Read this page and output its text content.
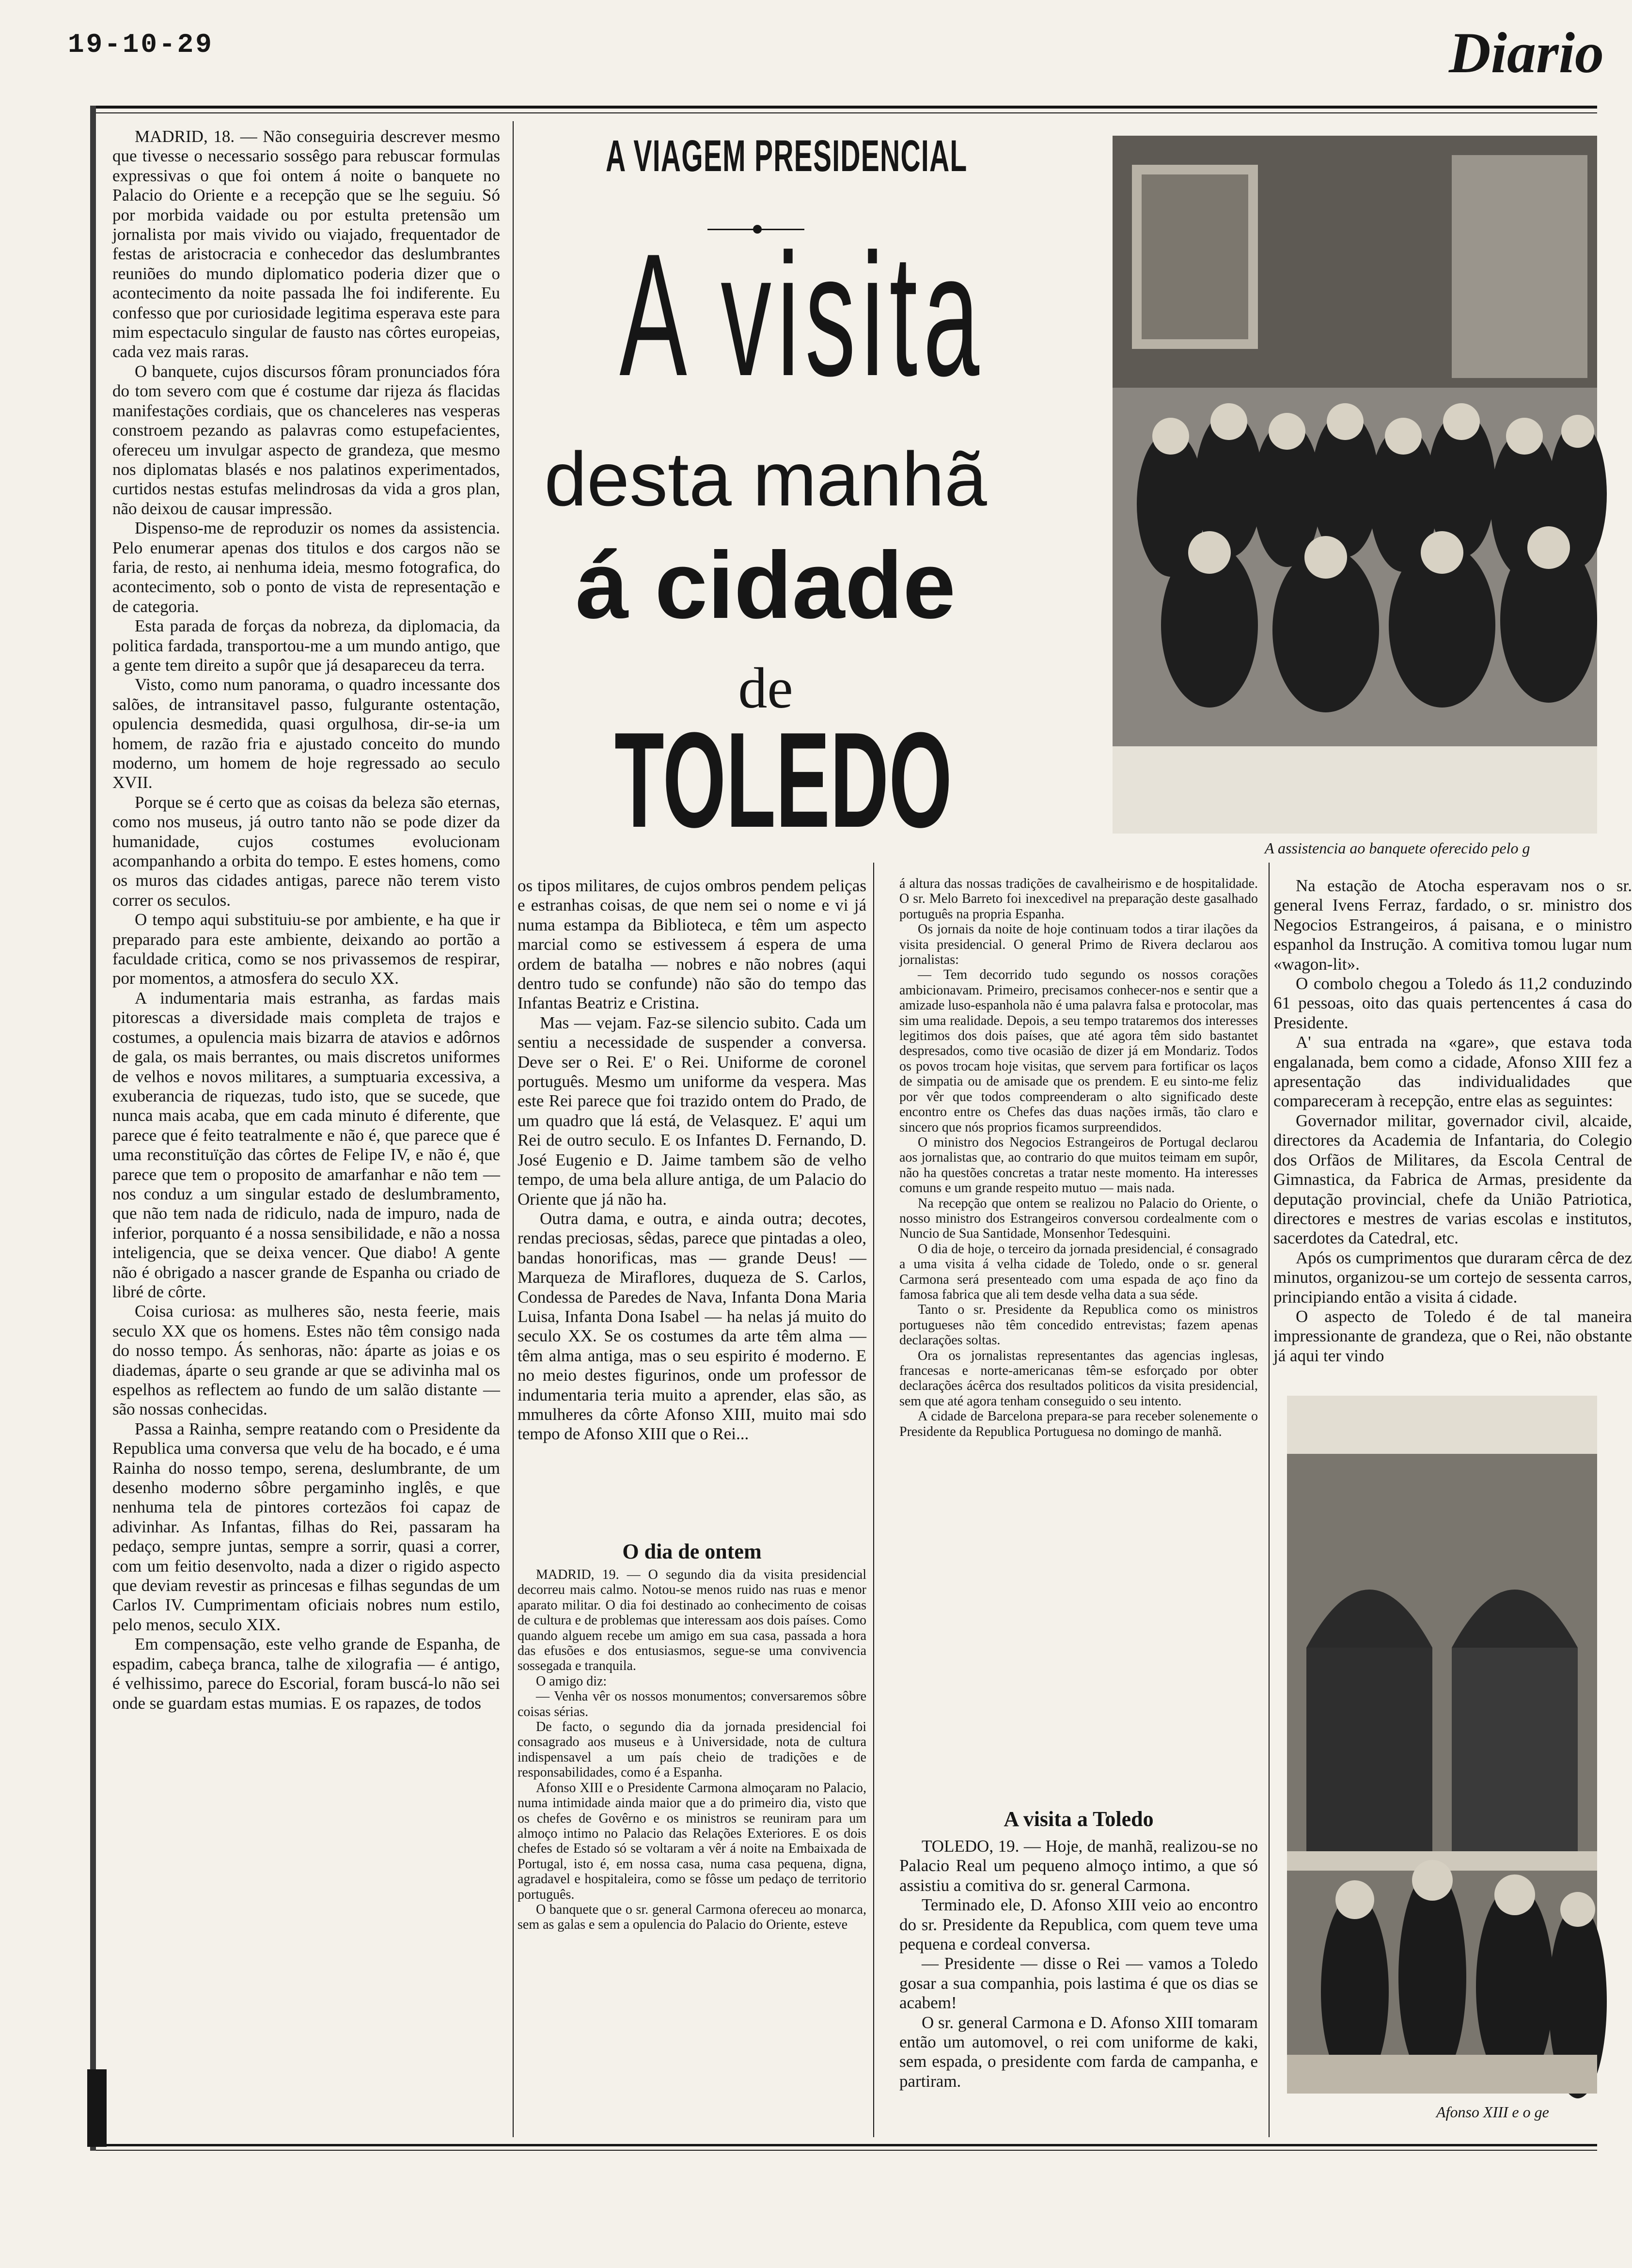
19-10-29	Diario

MADRID, 18. — Não conseguiria descrever mesmo que tivesse o necessario sossêgo para rebuscar formulas expressivas o que foi ontem á noite o banquete no Palacio do Oriente e a recepção que se lhe seguiu. Só por morbida vaidade ou por estulta pretensão um jornalista por mais vivido ou viajado, frequentador de festas de aristocracia e conhecedor das deslumbrantes reuniões do mundo diplomatico poderia dizer que o acontecimento da noite passada lhe foi indiferente. Eu confesso que por curiosidade legitima esperava este para mim espectaculo singular de fausto nas côrtes europeias, cada vez mais raras.

O banquete, cujos discursos fôram pronunciados fóra do tom severo com que é costume dar rijeza ás flacidas manifestações cordiais, que os chanceleres nas vesperas constroem pezando as palavras como estupefacientes, ofereceu um invulgar aspecto de grandeza, que mesmo nos diplomatas blasés e nos palatinos experimentados, curtidos nestas estufas melindrosas da vida a gros plan, não deixou de causar impressão.

Dispenso-me de reproduzir os nomes da assistencia. Pelo enumerar apenas dos titulos e dos cargos não se faria, de resto, ai nenhuma ideia, mesmo fotografica, do acontecimento, sob o ponto de vista de representação e de categoria.

Esta parada de forças da nobreza, da diplomacia, da politica fardada, transportou-me a um mundo antigo, que a gente tem direito a supôr que já desapareceu da terra.

Visto, como num panorama, o quadro incessante dos salões, de intransitavel passo, fulgurante ostentação, opulencia desmedida, quasi orgulhosa, dir-se-ia um homem, de razão fria e ajustado conceito do mundo moderno, um homem de hoje regressado ao seculo XVII.

Porque se é certo que as coisas da beleza são eternas, como nos museus, já outro tanto não se pode dizer da humanidade, cujos costumes evolucionam acompanhando a orbita do tempo. E estes homens, como os muros das cidades antigas, parece não terem visto correr os seculos.

O tempo aqui substituiu-se por ambiente, e ha que ir preparado para este ambiente, deixando ao portão a faculdade critica, como se nos privassemos de respirar, por momentos, a atmosfera do seculo XX.

A indumentaria mais estranha, as fardas mais pitorescas a diversidade mais completa de trajos e costumes, a opulencia mais bizarra de atavios e adôrnos de gala, os mais berrantes, ou mais discretos uniformes de velhos e novos militares, a sumptuaria excessiva, a exuberancia de riquezas, tudo isto, que se sucede, que nunca mais acaba, que em cada minuto é diferente, que parece que é feito teatralmente e não é, que parece que é uma reconstituïção das côrtes de Felipe IV, e não é, que parece que tem o proposito de amarfanhar e não tem — nos conduz a um singular estado de deslumbramento, que não tem nada de ridiculo, nada de impuro, nada de inferior, porquanto é a nossa sensibilidade, e não a nossa inteligencia, que se deixa vencer. Que diabo! A gente não é obrigado a nascer grande de Espanha ou criado de libré de côrte.

Coisa curiosa: as mulheres são, nesta feerie, mais seculo XX que os homens. Estes não têm consigo nada do nosso tempo. Ás senhoras, não: áparte as joias e os diademas, áparte o seu grande ar que se adivinha mal os espelhos as reflectem ao fundo de um salão distante — são nossas conhecidas.

Passa a Rainha, sempre reatando com o Presidente da Republica uma conversa que velu de ha bocado, e é uma Rainha do nosso tempo, serena, deslumbrante, de um desenho moderno sôbre pergaminho inglês, e que nenhuma tela de pintores cortezãos foi capaz de adivinhar. As Infantas, filhas do Rei, passaram ha pedaço, sempre juntas, sempre a sorrir, quasi a correr, com um feitio desenvolto, nada a dizer o rigido aspecto que deviam revestir as princesas e filhas segundas de um Carlos IV. Cumprimentam oficiais nobres num estilo, pelo menos, seculo XIX.

Em compensação, este velho grande de Espanha, de espadim, cabeça branca, talhe de xilografia — é antigo, é velhissimo, parece do Escorial, foram buscá-lo não sei onde se guardam estas mumias. E os rapazes, de todos

A VIAGEM PRESIDENCIAL
A visita
desta manhã
á cidade
de
TOLEDO	A assistencia ao banquete oferecido pelo g

os tipos militares, de cujos ombros pendem peliças e estranhas coisas, de que nem sei o nome e vi já numa estampa da Biblioteca, e têm um aspecto marcial como se estivessem á espera de uma ordem de batalha — nobres e não nobres (aqui dentro tudo se confunde) não são do tempo das Infantas Beatriz e Cristina.

Mas — vejam. Faz-se silencio subito. Cada um sentiu a necessidade de suspender a conversa. Deve ser o Rei. E' o Rei. Uniforme de coronel português. Mesmo um uniforme da vespera. Mas este Rei parece que foi trazido ontem do Prado, de um quadro que lá está, de Velasquez. E' aqui um Rei de outro seculo. E os Infantes D. Fernando, D. José Eugenio e D. Jaime tambem são de velho tempo, de uma bela allure antiga, de um Palacio do Oriente que já não ha.

Outra dama, e outra, e ainda outra; decotes, rendas preciosas, sêdas, parece que pintadas a oleo, bandas honorificas, mas — grande Deus! — Marqueza de Miraflores, duqueza de S. Carlos, Condessa de Paredes de Nava, Infanta Dona Maria Luisa, Infanta Dona Isabel — ha nelas já muito do seculo XX. Se os costumes da arte têm alma — têm alma antiga, mas o seu espirito é moderno. E no meio destes figurinos, onde um professor de indumentaria teria muito a aprender, elas são, as mmulheres da côrte Afonso XIII, muito mai sdo tempo de Afonso XIII que o Rei...

O dia de ontem

MADRID, 19. — O segundo dia da visita presidencial decorreu mais calmo. Notou-se menos ruido nas ruas e menor aparato militar. O dia foi destinado ao conhecimento de coisas de cultura e de problemas que interessam aos dois países. Como quando alguem recebe um amigo em sua casa, passada a hora das efusões e dos entusiasmos, segue-se uma convivencia sossegada e tranquila.

O amigo diz:

— Venha vêr os nossos monumentos; conversaremos sôbre coisas sérias.

De facto, o segundo dia da jornada presidencial foi consagrado aos museus e à Universidade, nota de cultura indispensavel a um país cheio de tradições e de responsabilidades, como é a Espanha.

Afonso XIII e o Presidente Carmona almoçaram no Palacio, numa intimidade ainda maior que a do primeiro dia, visto que os chefes de Govêrno e os ministros se reuniram para um almoço intimo no Palacio das Relações Exteriores. E os dois chefes de Estado só se voltaram a vêr á noite na Embaixada de Portugal, isto é, em nossa casa, numa casa pequena, digna, agradavel e hospitaleira, como se fôsse um pedaço de territorio português.

O banquete que o sr. general Carmona ofereceu ao monarca, sem as galas e sem a opulencia do Palacio do Oriente, esteve

á altura das nossas tradições de cavalheirismo e de hospitalidade. O sr. Melo Barreto foi inexcedivel na preparação deste gasalhado português na propria Espanha.

Os jornais da noite de hoje continuam todos a tirar ilações da visita presidencial. O general Primo de Rivera declarou aos jornalistas:

— Tem decorrido tudo segundo os nossos corações ambicionavam. Primeiro, precisamos conhecer-nos e sentir que a amizade luso-espanhola não é uma palavra falsa e protocolar, mas sim uma realidade. Depois, a seu tempo trataremos dos interesses legitimos dos dois países, que até agora têm sido bastantet despresados, como tive ocasião de dizer já em Mondariz. Todos os povos trocam hoje visitas, que servem para fortificar os laços de simpatia ou de amisade que os prendem. E eu sinto-me feliz por vêr que todos compreenderam o alto significado deste encontro entre os Chefes das duas nações irmãs, tão claro e sincero que nós proprios ficamos surpreendidos.

O ministro dos Negocios Estrangeiros de Portugal declarou aos jornalistas que, ao contrario do que muitos teimam em supôr, não ha questões concretas a tratar neste momento. Ha interesses comuns e um grande respeito mutuo — mais nada.

Na recepção que ontem se realizou no Palacio do Oriente, o nosso ministro dos Estrangeiros conversou cordealmente com o Nuncio de Sua Santidade, Monsenhor Tedesquini.

O dia de hoje, o terceiro da jornada presidencial, é consagrado a uma visita á velha cidade de Toledo, onde o sr. general Carmona será presenteado com uma espada de aço fino da famosa fabrica que ali tem desde velha data a sua séde.

Tanto o sr. Presidente da Republica como os ministros portugueses não têm concedido entrevistas; fazem apenas declarações soltas.

Ora os jornalistas representantes das agencias inglesas, francesas e norte-americanas têm-se esforçado por obter declarações ácêrca dos resultados politicos da visita presidencial, sem que até agora tenham conseguido o seu intento.

A cidade de Barcelona prepara-se para receber solenemente o Presidente da Republica Portuguesa no domingo de manhã.

A visita a Toledo

TOLEDO, 19. — Hoje, de manhã, realizou-se no Palacio Real um pequeno almoço intimo, a que só assistiu a comitiva do sr. general Carmona.

Terminado ele, D. Afonso XIII veio ao encontro do sr. Presidente da Republica, com quem teve uma pequena e cordeal conversa.

— Presidente — disse o Rei — vamos a Toledo gosar a sua companhia, pois lastima é que os dias se acabem!

O sr. general Carmona e D. Afonso XIII tomaram então um automovel, o rei com uniforme de kaki, sem espada, o presidente com farda de campanha, e partiram.

Na estação de Atocha esperavam nos o sr. general Ivens Ferraz, fardado, o sr. ministro dos Negocios Estrangeiros, á paisana, e o ministro espanhol da Instrução. A comitiva tomou lugar num «wagon-lit».

O combolo chegou a Toledo ás 11,2 conduzindo 61 pessoas, oito das quais pertencentes á casa do Presidente.

A' sua entrada na «gare», que estava toda engalanada, bem como a cidade, Afonso XIII fez a apresentação das individualidades que compareceram à recepção, entre elas as seguintes:

Governador militar, governador civil, alcaide, directores da Academia de Infantaria, do Colegio dos Orfãos de Militares, da Escola Central de Gimnastica, da Fabrica de Armas, presidente da deputação provincial, chefe da União Patriotica, directores e mestres de varias escolas e institutos, sacerdotes da Catedral, etc.

Após os cumprimentos que duraram cêrca de dez minutos, organizou-se um cortejo de sessenta carros, principiando então a visita á cidade.

O aspecto de Toledo é de tal maneira impressionante de grandeza, que o Rei, não obstante já aqui ter vindo

Afonso XIII e o ge
